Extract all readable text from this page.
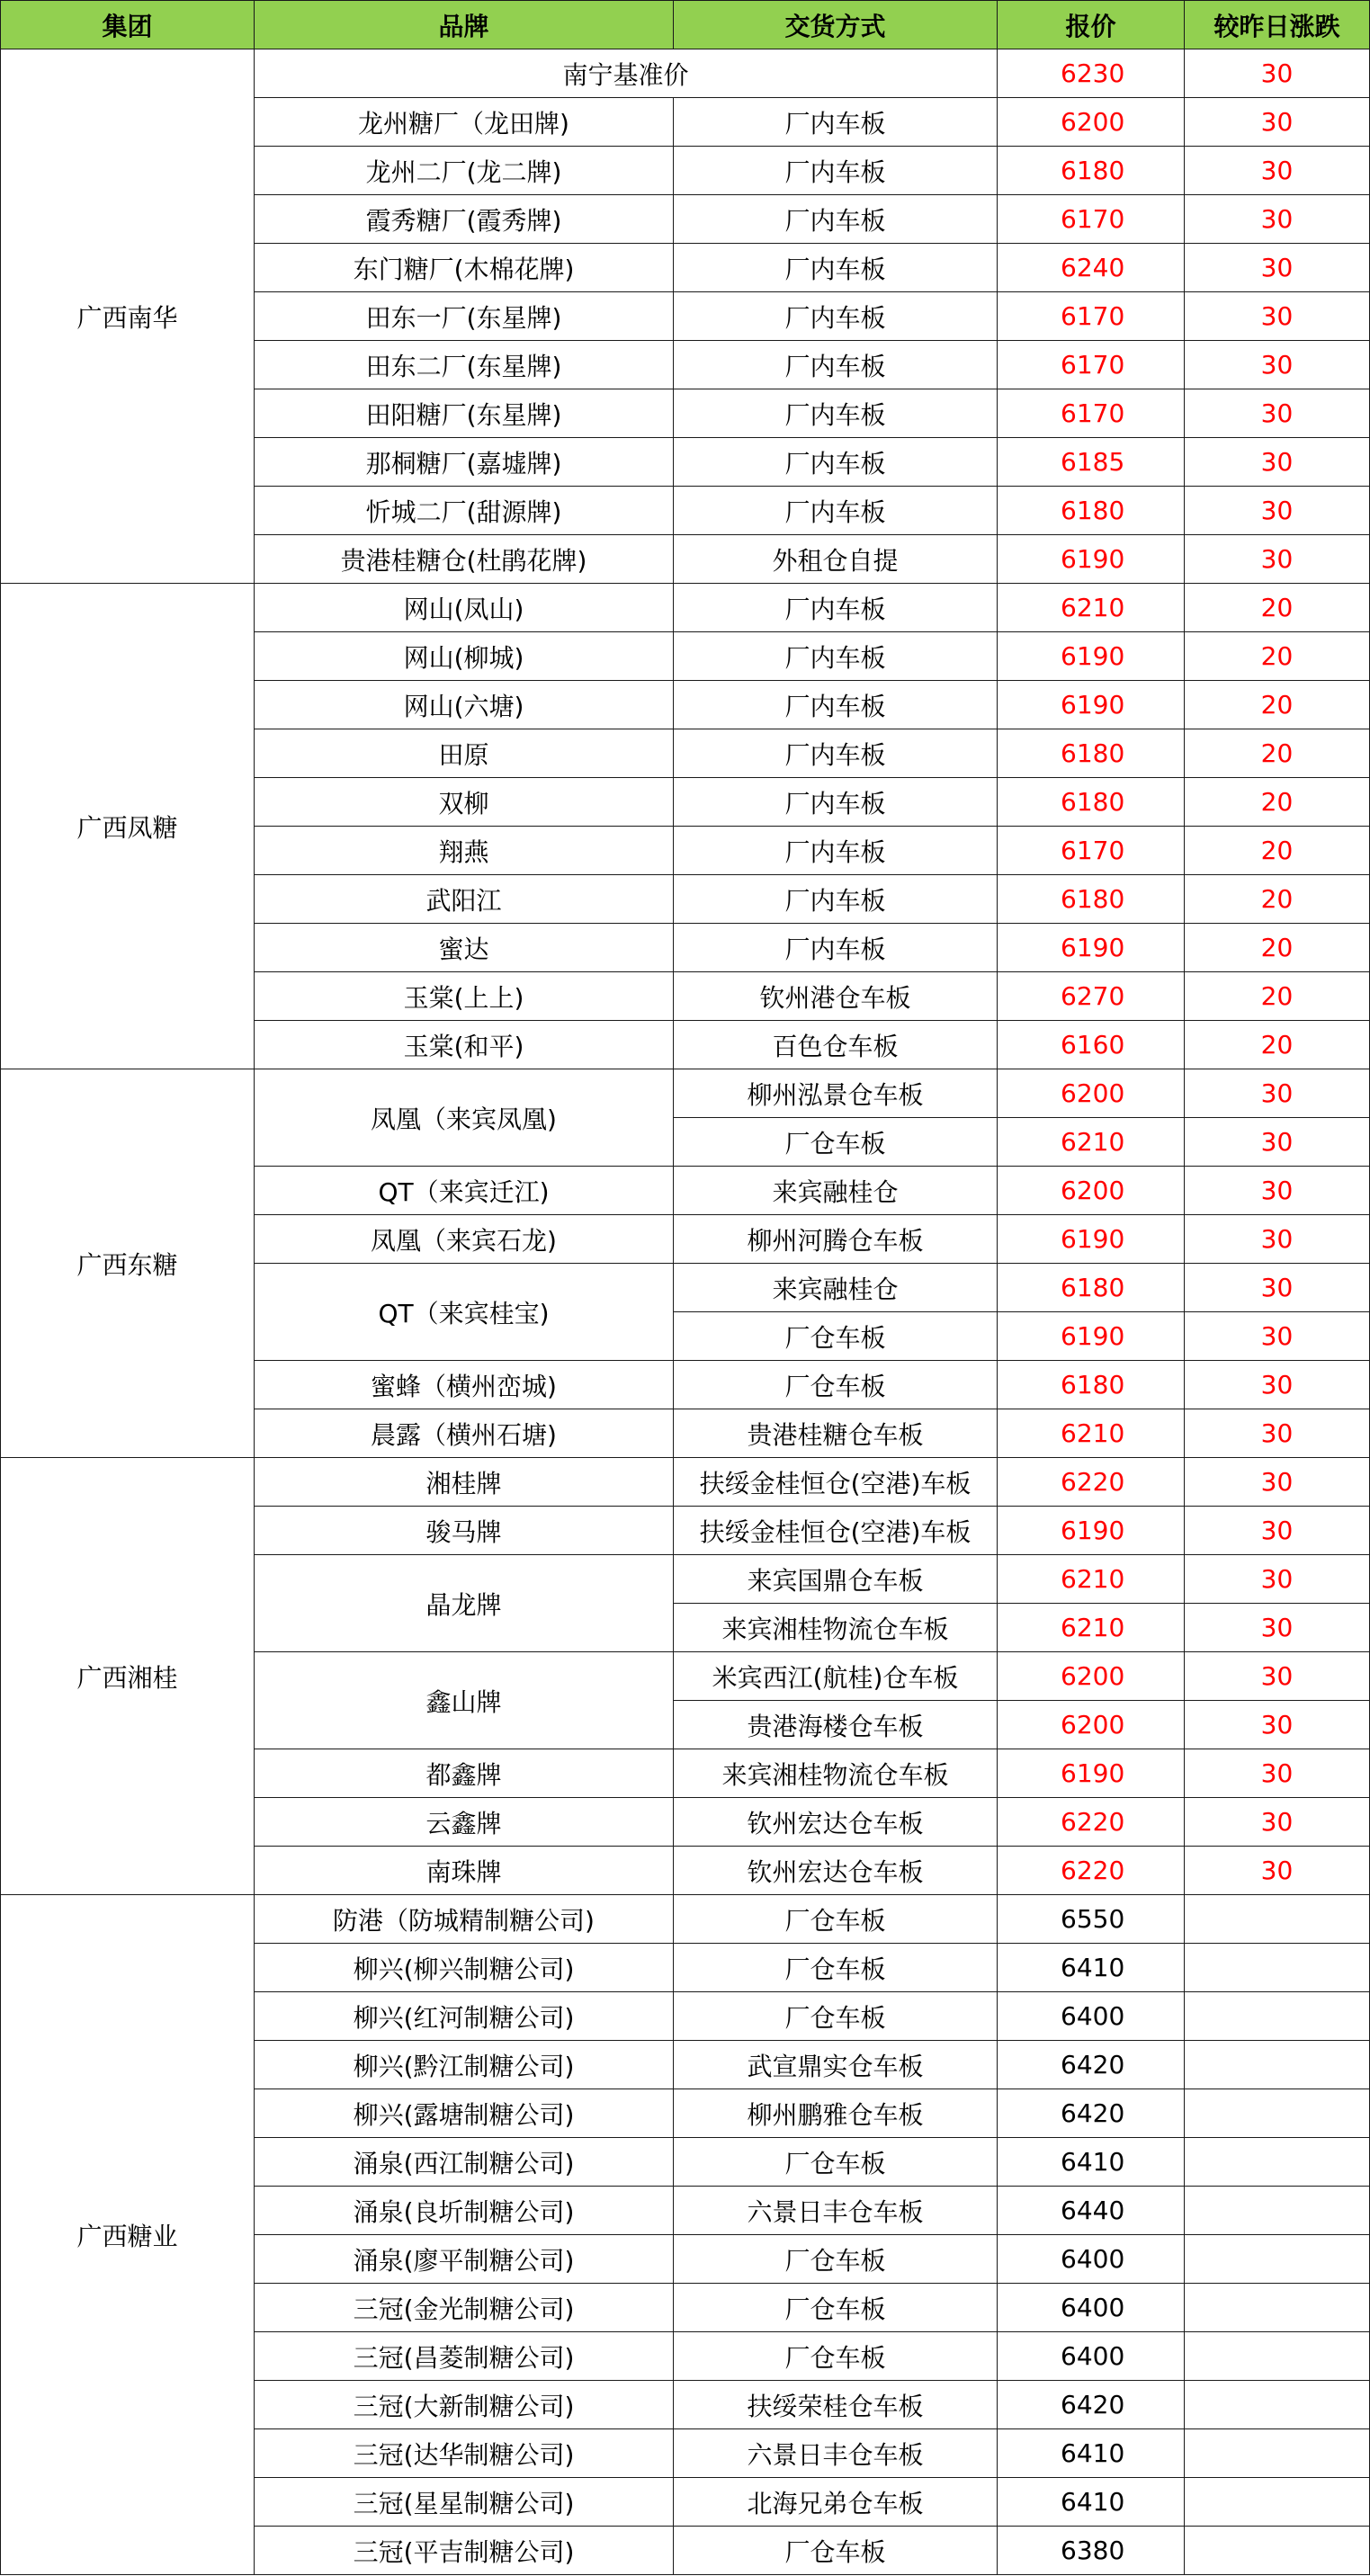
集团	品牌	交货方式	报价	较昨日涨跌
广西南华	南宁基准价		6230	30
	龙州糖厂（龙田牌)	厂内车板	6200	30
	龙州二厂(龙二牌)	厂内车板	6180	30
	霞秀糖厂(霞秀牌)	厂内车板	6170	30
	东门糖厂(木棉花牌)	厂内车板	6240	30
	田东一厂(东星牌)	厂内车板	6170	30
	田东二厂(东星牌)	厂内车板	6170	30
	田阳糖厂(东星牌)	厂内车板	6170	30
	那桐糖厂(嘉墟牌)	厂内车板	6185	30
	忻城二厂(甜源牌)	厂内车板	6180	30
	贵港桂糖仓(杜鹃花牌)	外租仓自提	6190	30
广西凤糖	网山(凤山)	厂内车板	6210	20
	网山(柳城)	厂内车板	6190	20
	网山(六塘)	厂内车板	6190	20
	田原	厂内车板	6180	20
	双柳	厂内车板	6180	20
	翔燕	厂内车板	6170	20
	武阳江	厂内车板	6180	20
	蜜达	厂内车板	6190	20
	玉棠(上上)	钦州港仓车板	6270	20
	玉棠(和平)	百色仓车板	6160	20
广西东糖	凤凰（来宾凤凰)	柳州泓景仓车板	6200	30
		厂仓车板	6210	30
	QT（来宾迁江)	来宾融桂仓	6200	30
	凤凰（来宾石龙)	柳州河腾仓车板	6190	30
	QT（来宾桂宝)	来宾融桂仓	6180	30
		厂仓车板	6190	30
	蜜蜂（横州峦城)	厂仓车板	6180	30
	晨露（横州石塘)	贵港桂糖仓车板	6210	30
广西湘桂	湘桂牌	扶绥金桂恒仓(空港)车板	6220	30
	骏马牌	扶绥金桂恒仓(空港)车板	6190	30
	晶龙牌	来宾国鼎仓车板	6210	30
		来宾湘桂物流仓车板	6210	30
	鑫山牌	米宾西江(航桂)仓车板	6200	30
		贵港海楼仓车板	6200	30
	都鑫牌	来宾湘桂物流仓车板	6190	30
	云鑫牌	钦州宏达仓车板	6220	30
	南珠牌	钦州宏达仓车板	6220	30
广西糖业	防港（防城精制糖公司)	厂仓车板	6550	
	柳兴(柳兴制糖公司)	厂仓车板	6410	
	柳兴(红河制糖公司)	厂仓车板	6400	
	柳兴(黔江制糖公司)	武宣鼎实仓车板	6420	
	柳兴(露塘制糖公司)	柳州鹏雅仓车板	6420	
	涌泉(西江制糖公司)	厂仓车板	6410	
	涌泉(良圻制糖公司)	六景日丰仓车板	6440	
	涌泉(廖平制糖公司)	厂仓车板	6400	
	三冠(金光制糖公司)	厂仓车板	6400	
	三冠(昌菱制糖公司)	厂仓车板	6400	
	三冠(大新制糖公司)	扶绥荣桂仓车板	6420	
	三冠(达华制糖公司)	六景日丰仓车板	6410	
	三冠(星星制糖公司)	北海兄弟仓车板	6410	
	三冠(平吉制糖公司)	厂仓车板	6380	
